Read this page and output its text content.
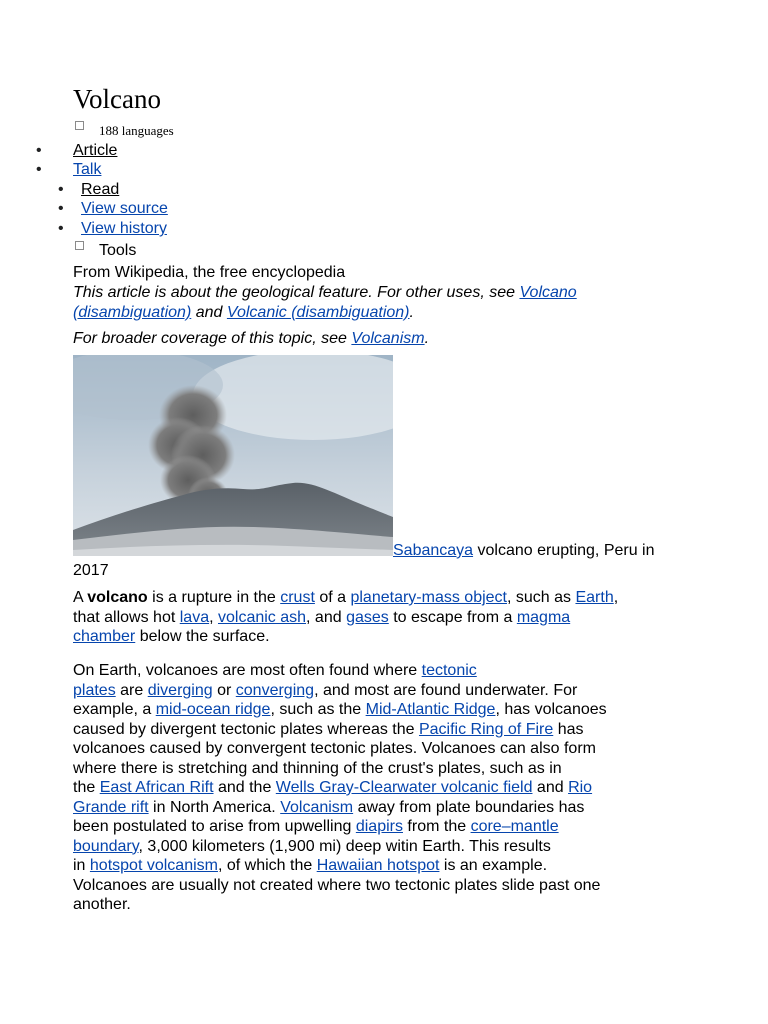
Volcano
188 languages
• Article
• Talk
• Read
• View source
• View history
Tools
From Wikipedia, the free encyclopedia
This article is about the geological feature. For other uses, see Volcano (disambiguation) and Volcanic (disambiguation).
For broader coverage of this topic, see Volcanism.
Sabancaya volcano erupting, Peru in
2017
A volcano is a rupture in the crust of a planetary-mass object, such as Earth,
that allows hot lava, volcanic ash, and gases to escape from a magma
chamber below the surface.
On Earth, volcanoes are most often found where tectonic
plates are diverging or converging, and most are found underwater. For
example, a mid-ocean ridge, such as the Mid-Atlantic Ridge, has volcanoes
caused by divergent tectonic plates whereas the Pacific Ring of Fire has
volcanoes caused by convergent tectonic plates. Volcanoes can also form
where there is stretching and thinning of the crust's plates, such as in
the East African Rift and the Wells Gray-Clearwater volcanic field and Rio
Grande rift in North America. Volcanism away from plate boundaries has
been postulated to arise from upwelling diapirs from the core–mantle
boundary, 3,000 kilometers (1,900 mi) deep witin Earth. This results
in hotspot volcanism, of which the Hawaiian hotspot is an example.
Volcanoes are usually not created where two tectonic plates slide past one
another.
